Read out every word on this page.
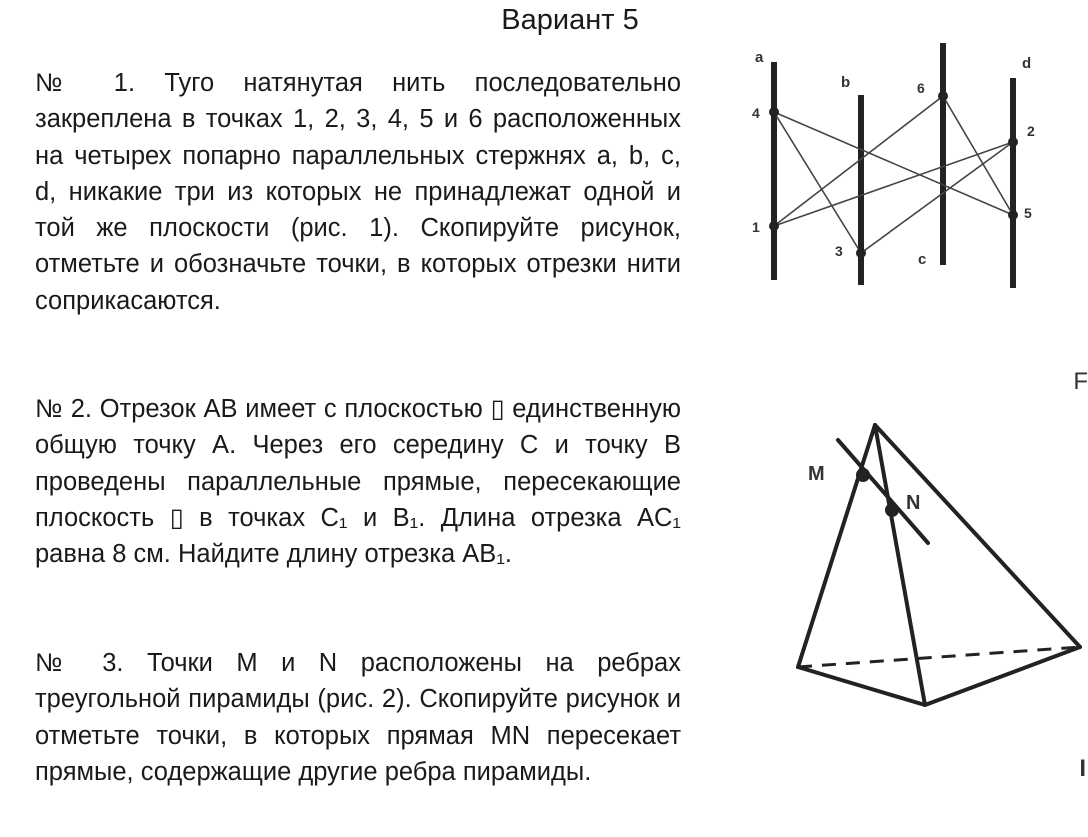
Вариант 5

№ 1. Туго натянутая нить последовательно закреплена в точках 1, 2, 3, 4, 5 и 6 расположенных на четырех попарно параллельных стержнях a, b, c, d, никакие три из которых не принадлежат одной и той же плоскости (рис. 1). Скопируйте рисунок, отметьте и обозначьте точки, в которых отрезки нити соприкасаются.

№ 2. Отрезок AB имеет с плоскостью ▯ единственную общую точку A. Через его середину C и точку B проведены параллельные прямые, пересекающие плоскость ▯ в точках C₁ и B₁. Длина отрезка AC₁ равна 8 см. Найдите длину отрезка AB₁.

№ 3. Точки M и N расположены на ребрах треугольной пирамиды (рис. 2). Скопируйте рисунок и отметьте точки, в которых прямая MN пересекает прямые, содержащие другие ребра пирамиды.

a
b
c
d
1
2
3
4
5
6
M
N
F
I
